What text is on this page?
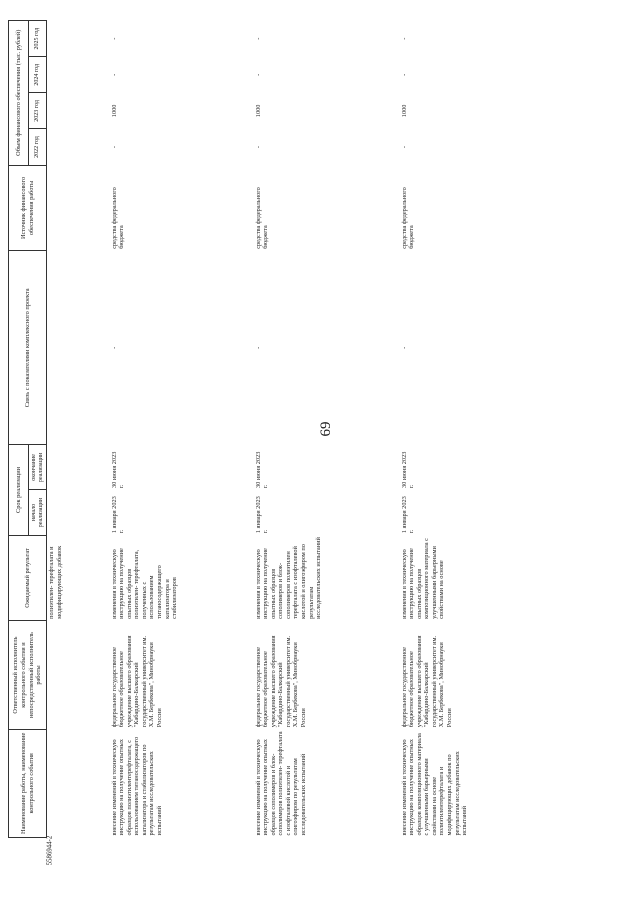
69
5586944-2
Наименование работы, наименование контрольного события	Ответственный исполнитель контрольного события и непосредственный исполнитель работы	Ожидаемый результат	Срок реализации		Связь с показателями комплексного проекта	Источник финансового обеспечения работы	Объем финансового обеспечения (тыс. рублей)			
			начало реализации	окончание реализации			2022 год	2023 год	2024 год	2025 год
		полиэтилен- терефталата и модифицирующих добавок								
внесение изменений в техническую инструкцию на получение опытных образцов полиэтилентерефталата, с использованием титаносодержащего катализатора и стабилизаторов по результатам исследовательских испытаний	федеральное государственное бюджетное образовательное учреждение высшего образования "Кабардино-Балкарский государственный университет им. Х.М. Бербекова", Минобрнауки России	изменения в техническую инструкцию на получение опытных образцов полиэтилен- терефталата, полученных с использованием титаносодержащего катализатора и стабилизаторов	1 января 2023 г.	30 июня 2023 г.	-	средства федерального бюджета	-	1000	-	-
внесение изменений в техническую инструкцию на получение опытных образцов сополимеров и блок-сополимеров полиэтилен- терефталата с изофталевой кислотой и олигоэфиром по результатам исследовательских испытаний	федеральное государственное бюджетное образовательное учреждение высшего образования "Кабардино-Балкарский государственный университет им. Х.М. Бербекова", Минобрнауки России	изменения в техническую инструкцию на получение опытных образцов сополимеров и блок-сополимеров полиэтилен терефталата с изофталевой кислотой и олигоэфиром по результатам исследовательских испытаний	1 января 2023 г.	30 июня 2023 г.	-	средства федерального бюджета	-	1000	-	-
внесение изменений в техническую инструкцию на получение опытных образцов композиционного материала с улучшенными барьерными свойствами на основе полиэтилентерефталата и модифицирующих добавок по результатам исследовательских испытаний	федеральное государственное бюджетное образовательное учреждение высшего образования "Кабардино-Балкарский государственный университет им. Х.М. Бербекова", Минобрнауки России	изменения в техническую инструкцию на получение опытных образцов композиционного материала с улучшенными барьерными свойствами на основе	1 января 2023 г.	30 июня 2023 г.	-	средства федерального бюджета	-	1000	-	-
